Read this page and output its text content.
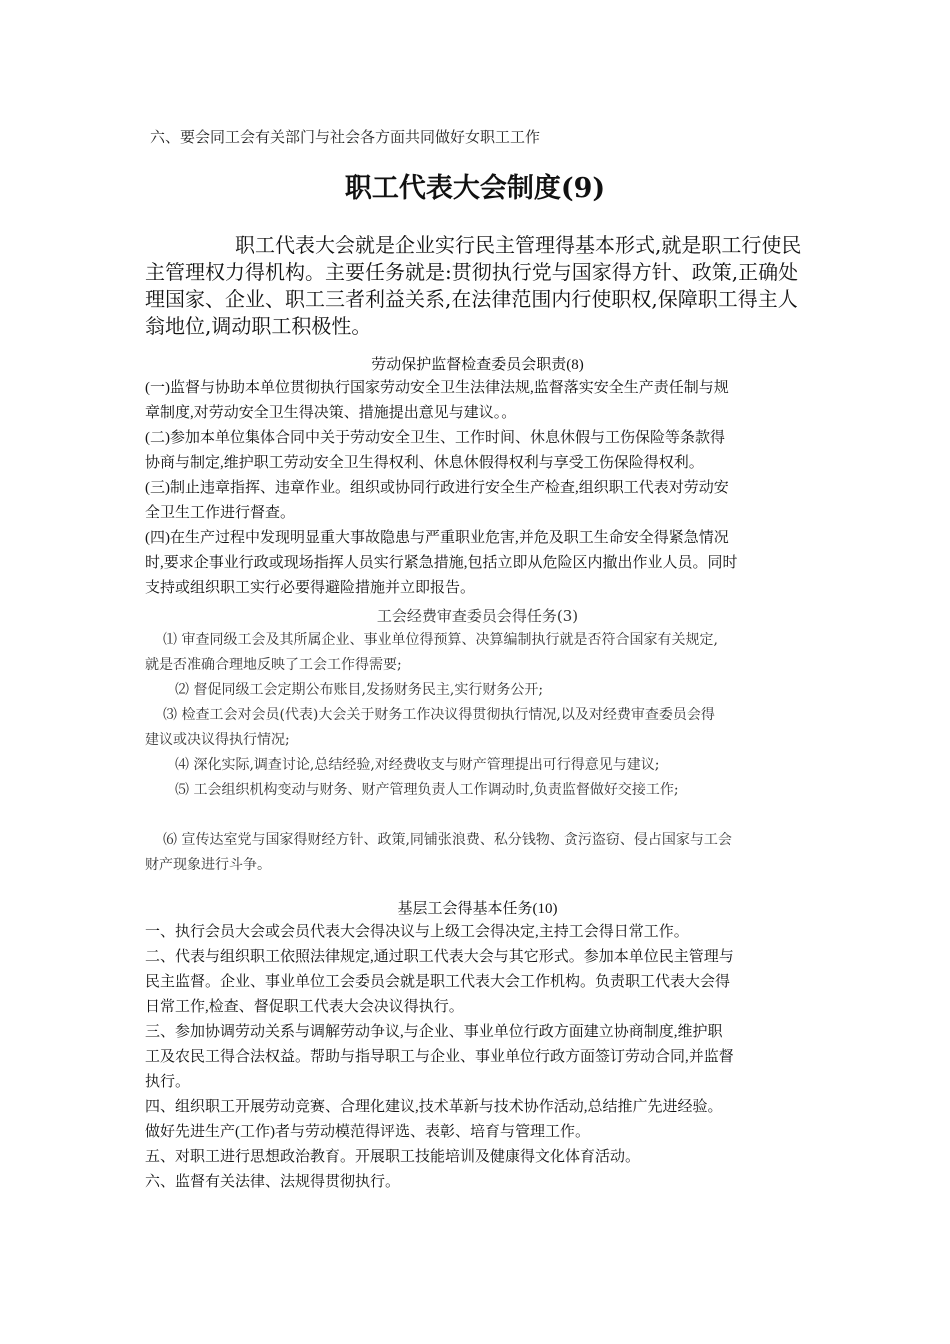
六、要会同工会有关部门与社会各方面共同做好女职工工作
职工代表大会制度(9)
职工代表大会就是企业实行民主管理得基本形式,就是职工行使民主管理权力得机构。主要任务就是:贯彻执行党与国家得方针、政策,正确处理国家、企业、职工三者利益关系,在法律范围内行使职权,保障职工得主人翁地位,调动职工积极性。
劳动保护监督检查委员会职责(8)
(一)监督与协助本单位贯彻执行国家劳动安全卫生法律法规,监督落实安全生产责任制与规
章制度,对劳动安全卫生得决策、措施提出意见与建议。。
(二)参加本单位集体合同中关于劳动安全卫生、工作时间、休息休假与工伤保险等条款得
协商与制定,维护职工劳动安全卫生得权利、休息休假得权利与享受工伤保险得权利。
(三)制止违章指挥、违章作业。组织或协同行政进行安全生产检查,组织职工代表对劳动安
全卫生工作进行督查。
(四)在生产过程中发现明显重大事故隐患与严重职业危害,并危及职工生命安全得紧急情况
时,要求企事业行政或现场指挥人员实行紧急措施,包括立即从危险区内撤出作业人员。同时
支持或组织职工实行必要得避险措施并立即报告。
工会经费审查委员会得任务(3)
⑴ 审查同级工会及其所属企业、事业单位得预算、决算编制执行就是否符合国家有关规定,
就是否准确合理地反映了工会工作得需要;
⑵ 督促同级工会定期公布账目,发扬财务民主,实行财务公开;
⑶ 检查工会对会员(代表)大会关于财务工作决议得贯彻执行情况,以及对经费审查委员会得
建议或决议得执行情况;
⑷ 深化实际,调查讨论,总结经验,对经费收支与财产管理提出可行得意见与建议;
⑸ 工会组织机构变动与财务、财产管理负责人工作调动时,负责监督做好交接工作;
⑹ 宣传达室党与国家得财经方针、政策,同铺张浪费、私分钱物、贪污盗窃、侵占国家与工会
财产现象进行斗争。
基层工会得基本任务(10)
一、执行会员大会或会员代表大会得决议与上级工会得决定,主持工会得日常工作。
二、代表与组织职工依照法律规定,通过职工代表大会与其它形式。参加本单位民主管理与
民主监督。企业、事业单位工会委员会就是职工代表大会工作机构。负责职工代表大会得
日常工作,检查、督促职工代表大会决议得执行。
三、参加协调劳动关系与调解劳动争议,与企业、事业单位行政方面建立协商制度,维护职
工及农民工得合法权益。帮助与指导职工与企业、事业单位行政方面签订劳动合同,并监督
执行。
四、组织职工开展劳动竞赛、合理化建议,技术革新与技术协作活动,总结推广先进经验。
做好先进生产(工作)者与劳动模范得评选、表彰、培育与管理工作。
五、对职工进行思想政治教育。开展职工技能培训及健康得文化体育活动。
六、监督有关法律、法规得贯彻执行。
